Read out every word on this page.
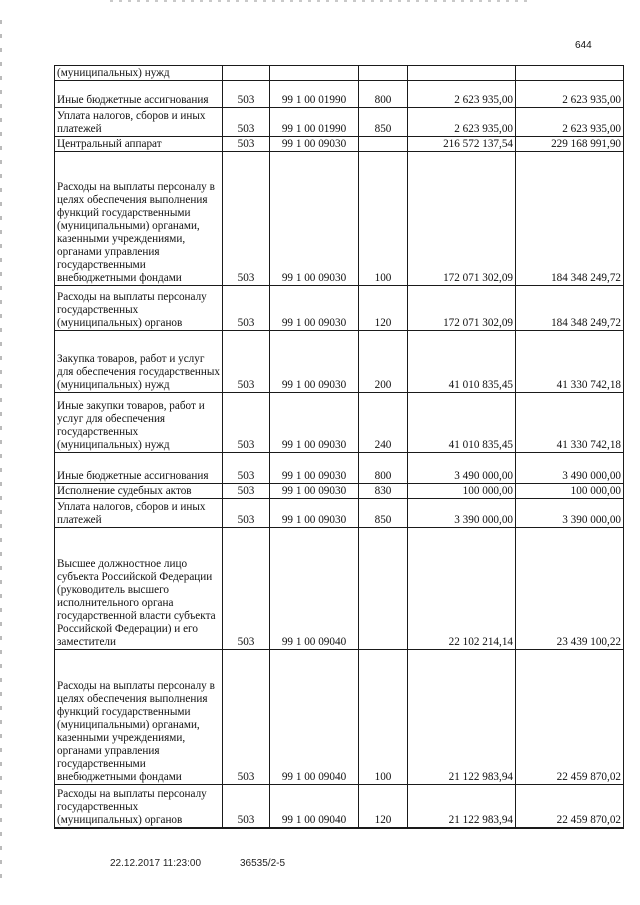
644
(муниципальных) нужд					
Иные бюджетные ассигнования	503	99 1 00 01990	800	2 623 935,00	2 623 935,00
Уплата налогов, сборов и иных платежей	503	99 1 00 01990	850	2 623 935,00	2 623 935,00
Центральный аппарат	503	99 1 00 09030		216 572 137,54	229 168 991,90
Расходы на выплаты персоналу в целях обеспечения выполнения функций государственными (муниципальными) органами, казенными учреждениями, органами управления государственными внебюджетными фондами	503	99 1 00 09030	100	172 071 302,09	184 348 249,72
Расходы на выплаты персоналу государственных (муниципальных) органов	503	99 1 00 09030	120	172 071 302,09	184 348 249,72
Закупка товаров, работ и услуг для обеспечения государственных (муниципальных) нужд	503	99 1 00 09030	200	41 010 835,45	41 330 742,18
Иные закупки товаров, работ и услуг для обеспечения государственных (муниципальных) нужд	503	99 1 00 09030	240	41 010 835,45	41 330 742,18
Иные бюджетные ассигнования	503	99 1 00 09030	800	3 490 000,00	3 490 000,00
Исполнение судебных актов	503	99 1 00 09030	830	100 000,00	100 000,00
Уплата налогов, сборов и иных платежей	503	99 1 00 09030	850	3 390 000,00	3 390 000,00
Высшее должностное лицо субъекта Российской Федерации (руководитель высшего исполнительного органа государственной власти субъекта Российской Федерации) и его заместители	503	99 1 00 09040		22 102 214,14	23 439 100,22
Расходы на выплаты персоналу в целях обеспечения выполнения функций государственными (муниципальными) органами, казенными учреждениями, органами управления государственными внебюджетными фондами	503	99 1 00 09040	100	21 122 983,94	22 459 870,02
Расходы на выплаты персоналу государственных (муниципальных) органов	503	99 1 00 09040	120	21 122 983,94	22 459 870,02
22.12.2017 11:23:00	36535/2-5
